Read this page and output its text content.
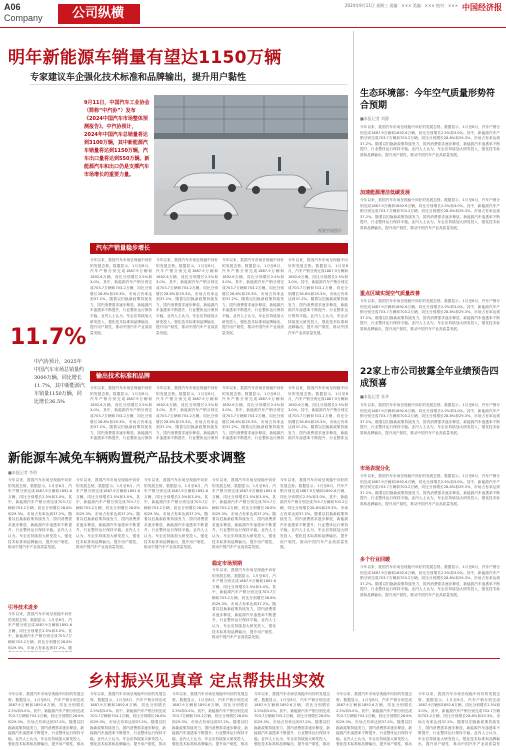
A06
Company	公司纵横
2024年9月11日 星期三 责编：××× 美编：××× 校对：××× 中国经济报
明年新能源车销量有望达1150万辆
专家建议车企强化技术标准和品牌输出，提升用户黏性
9月11日，中国汽车工业协会（简称“中汽协”）发布《2024中国汽车市场整体预测报告》。中汽协预计，2024年中国汽车总销量将达到3100万辆，其中新能源汽车销量将达到1150万辆，汽车出口量将达到550万辆。新能源汽车和出口仍是支撑汽车市场增长的重要力量。
视觉中国图片
汽车产销量稳步增长
11.7%
中汽协预计，2025年中国汽车市场总销量约3000万辆，同比增长11.7%，其中新能源汽车销量1150万辆，同比增长36.5%
今年以来，我国汽车市场呈现稳中向好的发展态势。数据显示，1月至8月，汽车产销分别完成1887.9万辆和1892.6万辆，同比分别增长2.5%和3.0%。其中，新能源汽车产销分别完成703.7万辆和703.2万辆，同比分别增长28.8%和29.3%，市场占有率达到37.2%。随着以旧换新政策持续发力，国内消费需求逐步释放，新能源汽车渗透率不断提升，行业整体运行保持平稳。业内人士认为，车企应持续加大研发投入，强化技术标准和品牌输出，提升用户黏性，推动中国汽车产业高质量发展。
今年以来，我国汽车市场呈现稳中向好的发展态势。数据显示，1月至8月，汽车产销分别完成1887.9万辆和1892.6万辆，同比分别增长2.5%和3.0%。其中，新能源汽车产销分别完成703.7万辆和703.2万辆，同比分别增长28.8%和29.3%，市场占有率达到37.2%。随着以旧换新政策持续发力，国内消费需求逐步释放，新能源汽车渗透率不断提升，行业整体运行保持平稳。业内人士认为，车企应持续加大研发投入，强化技术标准和品牌输出，提升用户黏性，推动中国汽车产业高质量发展。
今年以来，我国汽车市场呈现稳中向好的发展态势。数据显示，1月至8月，汽车产销分别完成1887.9万辆和1892.6万辆，同比分别增长2.5%和3.0%。其中，新能源汽车产销分别完成703.7万辆和703.2万辆，同比分别增长28.8%和29.3%，市场占有率达到37.2%。随着以旧换新政策持续发力，国内消费需求逐步释放，新能源汽车渗透率不断提升，行业整体运行保持平稳。业内人士认为，车企应持续加大研发投入，强化技术标准和品牌输出，提升用户黏性，推动中国汽车产业高质量发展。
今年以来，我国汽车市场呈现稳中向好的发展态势。数据显示，1月至8月，汽车产销分别完成1887.9万辆和1892.6万辆，同比分别增长2.5%和3.0%。其中，新能源汽车产销分别完成703.7万辆和703.2万辆，同比分别增长28.8%和29.3%，市场占有率达到37.2%。随着以旧换新政策持续发力，国内消费需求逐步释放，新能源汽车渗透率不断提升，行业整体运行保持平稳。业内人士认为，车企应持续加大研发投入，强化技术标准和品牌输出，提升用户黏性，推动中国汽车产业高质量发展。
输出技术标准和品牌
今年以来，我国汽车市场呈现稳中向好的发展态势。数据显示，1月至8月，汽车产销分别完成1887.9万辆和1892.6万辆，同比分别增长2.5%和3.0%。其中，新能源汽车产销分别完成703.7万辆和703.2万辆，同比分别增长28.8%和29.3%，市场占有率达到37.2%。随着以旧换新政策持续发力，国内消费需求逐步释放，新能源汽车渗透率不断提升，行业整体运行保持
今年以来，我国汽车市场呈现稳中向好的发展态势。数据显示，1月至8月，汽车产销分别完成1887.9万辆和1892.6万辆，同比分别增长2.5%和3.0%。其中，新能源汽车产销分别完成703.7万辆和703.2万辆，同比分别增长28.8%和29.3%，市场占有率达到37.2%。随着以旧换新政策持续发力，国内消费需求逐步释放，新能源汽车渗透率不断提升，行业整体运行保持
今年以来，我国汽车市场呈现稳中向好的发展态势。数据显示，1月至8月，汽车产销分别完成1887.9万辆和1892.6万辆，同比分别增长2.5%和3.0%。其中，新能源汽车产销分别完成703.7万辆和703.2万辆，同比分别增长28.8%和29.3%，市场占有率达到37.2%。随着以旧换新政策持续发力，国内消费需求逐步释放，新能源汽车渗透率不断提升，行业整体运行保持
今年以来，我国汽车市场呈现稳中向好的发展态势。数据显示，1月至8月，汽车产销分别完成1887.9万辆和1892.6万辆，同比分别增长2.5%和3.0%。其中，新能源汽车产销分别完成703.7万辆和703.2万辆，同比分别增长28.8%和29.3%，市场占有率达到37.2%。随着以旧换新政策持续发力，国内消费需求逐步释放，新能源汽车渗透率不断提升，行业整体运
生态环境部：今年空气质量形势符合预期
■本报记者 刘静
今年以来，我国汽车市场呈现稳中向好的发展态势。数据显示，1月至8月，汽车产销分别完成1887.9万辆和1892.6万辆，同比分别增长2.5%和3.0%。其中，新能源汽车产销分别完成703.7万辆和703.2万辆，同比分别增长28.8%和29.3%，市场占有率达到37.2%。随着以旧换新政策持续发力，国内消费需求逐步释放，新能源汽车渗透率不断提升，行业整体运行保持平稳。业内人士认为，车企应持续加大研发投入，强化技术标准和品牌输出，提升用户黏性，推动中国汽车产业高质量发展。
加速能源清洁低碳发展
今年以来，我国汽车市场呈现稳中向好的发展态势。数据显示，1月至8月，汽车产销分别完成1887.9万辆和1892.6万辆，同比分别增长2.5%和3.0%。其中，新能源汽车产销分别完成703.7万辆和703.2万辆，同比分别增长28.8%和29.3%，市场占有率达到37.2%。随着以旧换新政策持续发力，国内消费需求逐步释放，新能源汽车渗透率不断提升，行业整体运行保持平稳。业内人士认为，车企应持续加大研发投入，强化技术标准和品牌输出，提升用户黏性，推动中国汽车产业高质量发展。
重点区域实现空气质量改善
今年以来，我国汽车市场呈现稳中向好的发展态势。数据显示，1月至8月，汽车产销分别完成1887.9万辆和1892.6万辆，同比分别增长2.5%和3.0%。其中，新能源汽车产销分别完成703.7万辆和703.2万辆，同比分别增长28.8%和29.3%，市场占有率达到37.2%。随着以旧换新政策持续发力，国内消费需求逐步释放，新能源汽车渗透率不断提升，行业整体运行保持平稳。业内人士认为，车企应持续加大研发投入，强化技术标准和品牌输出，提升用户黏性，推动中国汽车产业高质量发展。
22家上市公司披露全年业绩预告四成预喜
■本报记者 张华
今年以来，我国汽车市场呈现稳中向好的发展态势。数据显示，1月至8月，汽车产销分别完成1887.9万辆和1892.6万辆，同比分别增长2.5%和3.0%。其中，新能源汽车产销分别完成703.7万辆和703.2万辆，同比分别增长28.8%和29.3%，市场占有率达到37.2%。随着以旧换新政策持续发力，国内消费需求逐步释放，新能源汽车渗透率不断提升，行业整体运行保持平稳。业内人士认为，车企应持续加大研发投入，强化技术标准和品牌输出，提升用户黏性，推动中国汽车产业高质量发展。
市场表现分化
今年以来，我国汽车市场呈现稳中向好的发展态势。数据显示，1月至8月，汽车产销分别完成1887.9万辆和1892.6万辆，同比分别增长2.5%和3.0%。其中，新能源汽车产销分别完成703.7万辆和703.2万辆，同比分别增长28.8%和29.3%，市场占有率达到37.2%。随着以旧换新政策持续发力，国内消费需求逐步释放，新能源汽车渗透率不断提升，行业整体运行保持平稳。业内人士认为，车企应持续加大研发投入，强化技术标准和品牌输出，提升用户黏性，推动中国汽车产业高质量发展。
多个行业回暖
今年以来，我国汽车市场呈现稳中向好的发展态势。数据显示，1月至8月，汽车产销分别完成1887.9万辆和1892.6万辆，同比分别增长2.5%和3.0%。其中，新能源汽车产销分别完成703.7万辆和703.2万辆，同比分别增长28.8%和29.3%，市场占有率达到37.2%。随着以旧换新政策持续发力，国内消费需求逐步释放，新能源汽车渗透率不断提升，行业整体运行保持平稳。业内人士认为，车企应持续加大研发投入，强化技术标准和品牌输出，提升用户黏性，推动中国汽车产业高质量发展。
新能源车减免车辆购置税产品技术要求调整
■本报记者 李明
今年以来，我国汽车市场呈现稳中向好的发展态势。数据显示，1月至8月，汽车产销分别完成1887.9万辆和1892.6万辆，同比分别增长2.5%和3.0%。其中，新能源汽车产销分别完成703.7万辆和703.2万辆，同比分别增长28.8%和29.3%，市场占有率达到37.2%。随着以旧换新政策持续发力，国内消费需求逐步释放，新能源汽车渗透率不断提升，行业整体运行保持平稳。业内人士认为，车企应持续加大研发投入，强化技术标准和品牌输出，提升用户黏性，推动中国汽车产业高质量发展。
引导技术进步
今年以来，我国汽车市场呈现稳中向好的发展态势。数据显示，1月至8月，汽车产销分别完成1887.9万辆和1892.6万辆，同比分别增长2.5%和3.0%。其中，新能源汽车产销分别完成703.7万辆和703.2万辆，同比分别增长28.8%和29.3%，市场占有率达到37.2%。随
今年以来，我国汽车市场呈现稳中向好的发展态势。数据显示，1月至8月，汽车产销分别完成1887.9万辆和1892.6万辆，同比分别增长2.5%和3.0%。其中，新能源汽车产销分别完成703.7万辆和703.2万辆，同比分别增长28.8%和29.3%，市场占有率达到37.2%。随着以旧换新政策持续发力，国内消费需求逐步释放，新能源汽车渗透率不断提升，行业整体运行保持平稳。业内人士认为，车企应持续加大研发投入，强化技术标准和品牌输出，提升用户黏性，推动中国汽车产业高质量发展。
今年以来，我国汽车市场呈现稳中向好的发展态势。数据显示，1月至8月，汽车产销分别完成1887.9万辆和1892.6万辆，同比分别增长2.5%和3.0%。其中，新能源汽车产销分别完成703.7万辆和703.2万辆，同比分别增长28.8%和29.3%，市场占有率达到37.2%。随着以旧换新政策持续发力，国内消费需求逐步释放，新能源汽车渗透率不断提升，行业整体运行保持平稳。业内人士认为，车企应持续加大研发投入，强化技术标准和品牌输出，提升用户黏性，推动中国汽车产业高质量发展。
今年以来，我国汽车市场呈现稳中向好的发展态势。数据显示，1月至8月，汽车产销分别完成1887.9万辆和1892.6万辆，同比分别增长2.5%和3.0%。其中，新能源汽车产销分别完成703.7万辆和703.2万辆，同比分别增长28.8%和29.3%，市场占有率达到37.2%。随着以旧换新政策持续发力，国内消费需求逐步释放，新能源汽车渗透率不断提升，行业整体运行保持平稳。业内人士认为，车企应持续加大研发投入，强化技术标准和品牌输出，提升用户黏性，推动中国汽车产业高质量发展。
稳定市场预期
今年以来，我国汽车市场呈现稳中向好的发展态势。数据显示，1月至8月，汽车产销分别完成1887.9万辆和1892.6万辆，同比分别增长2.5%和3.0%。其中，新能源汽车产销分别完成703.7万辆和703.2万辆，同比分别增长28.8%和29.3%，市场占有率达到37.2%。随着以旧换新政策持续发力，国内消费需求逐步释放，新能源汽车渗透率不断提升，行业整体运行保持平稳。业内人士认为，车企应持续加大研发投入，强化技术标准和品牌输出，提升用户黏性，推动中国汽车产业高质量发展。
今年以来，我国汽车市场呈现稳中向好的发展态势。数据显示，1月至8月，汽车产销分别完成1887.9万辆和1892.6万辆，同比分别增长2.5%和3.0%。其中，新能源汽车产销分别完成703.7万辆和703.2万辆，同比分别增长28.8%和29.3%，市场占有率达到37.2%。随着以旧换新政策持续发力，国内消费需求逐步释放，新能源汽车渗透率不断提升，行业整体运行保持平稳。业内人士认为，车企应持续加大研发投入，强化技术标准和品牌输出，提升用户黏性，推动中国汽车产业高质量发展。
乡村振兴见真章 定点帮扶出实效
今年以来，我国汽车市场呈现稳中向好的发展态势。数据显示，1月至8月，汽车产销分别完成1887.9万辆和1892.6万辆，同比分别增长2.5%和3.0%。其中，新能源汽车产销分别完成703.7万辆和703.2万辆，同比分别增长28.8%和29.3%，市场占有率达到37.2%。随着以旧换新政策持续发力，国内消费需求逐步释放，新能源汽车渗透率不断提升，行业整体运行保持平稳。业内人士认为，车企应持续加大研发投入，强化技术标准和品牌输出，提升用户黏性，推动
今年以来，我国汽车市场呈现稳中向好的发展态势。数据显示，1月至8月，汽车产销分别完成1887.9万辆和1892.6万辆，同比分别增长2.5%和3.0%。其中，新能源汽车产销分别完成703.7万辆和703.2万辆，同比分别增长28.8%和29.3%，市场占有率达到37.2%。随着以旧换新政策持续发力，国内消费需求逐步释放，新能源汽车渗透率不断提升，行业整体运行保持平稳。业内人士认为，车企应持续加大研发投入，强化技术标准和品牌输出，提升用户黏性，推动
今年以来，我国汽车市场呈现稳中向好的发展态势。数据显示，1月至8月，汽车产销分别完成1887.9万辆和1892.6万辆，同比分别增长2.5%和3.0%。其中，新能源汽车产销分别完成703.7万辆和703.2万辆，同比分别增长28.8%和29.3%，市场占有率达到37.2%。随着以旧换新政策持续发力，国内消费需求逐步释放，新能源汽车渗透率不断提升，行业整体运行保持平稳。业内人士认为，车企应持续加大研发投入，强化技术标准和品牌输出，提升用户黏性，推动
今年以来，我国汽车市场呈现稳中向好的发展态势。数据显示，1月至8月，汽车产销分别完成1887.9万辆和1892.6万辆，同比分别增长2.5%和3.0%。其中，新能源汽车产销分别完成703.7万辆和703.2万辆，同比分别增长28.8%和29.3%，市场占有率达到37.2%。随着以旧换新政策持续发力，国内消费需求逐步释放，新能源汽车渗透率不断提升，行业整体运行保持平稳。业内人士认为，车企应持续加大研发投入，强化技术标准和品牌输出，提升用户黏性，推动
今年以来，我国汽车市场呈现稳中向好的发展态势。数据显示，1月至8月，汽车产销分别完成1887.9万辆和1892.6万辆，同比分别增长2.5%和3.0%。其中，新能源汽车产销分别完成703.7万辆和703.2万辆，同比分别增长28.8%和29.3%，市场占有率达到37.2%。随着以旧换新政策持续发力，国内消费需求逐步释放，新能源汽车渗透率不断提升，行业整体运行保持平稳。业内人士认为，车企应持续加大研发投入，强化技术标准和品牌输出，提升用户黏性，推动
今年以来，我国汽车市场呈现稳中向好的发展态势。数据显示，1月至8月，汽车产销分别完成1887.9万辆和1892.6万辆，同比分别增长2.5%和3.0%。其中，新能源汽车产销分别完成703.7万辆和703.2万辆，同比分别增长28.8%和29.3%，市场占有率达到37.2%。随着以旧换新政策持续发力，国内消费需求逐步释放，新能源汽车渗透率不断提升，行业整体运行保持平稳。业内人士认为，车企应持续加大研发投入，强化技术标准和品牌输出，提升用户黏性，推动中国汽车产业高质量发
